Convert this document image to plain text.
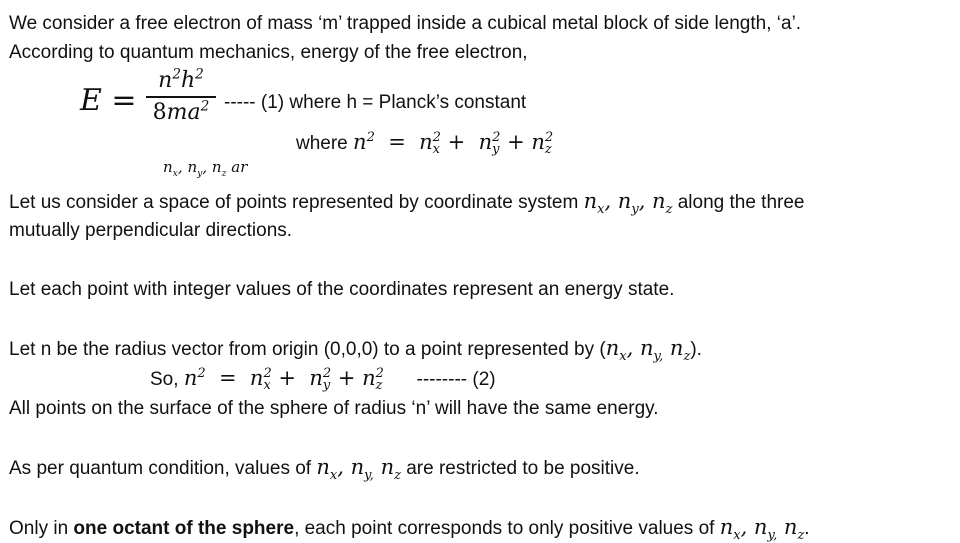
We consider a free electron of mass ‘m’ trapped inside a cubical metal block of side length, ‘a’.
According to quantum mechanics, energy of the free electron,
E =
$n^2h^2$
$8ma^2$ ----- (1) where h = Planck’s constant
where $n^2 = n$ 2
x +  n 2
y + n 2
z
$n_x$, $n_y$, $n_z$ ar
Let us consider a space of points represented by coordinate system $n_x$, $n_y$, $n_z$ along the three
mutually perpendicular directions.
Let each point with integer values of the coordinates represent an energy state.
Let n be the radius vector from origin (0,0,0) to a point represented by ($n_x$, $n_{y,}$ $n_z$).
So, $n^2 = n$ 2
x +  n 2
y + n 2
z -------- (2)
All points on the surface of the sphere of radius ‘n’ will have the same energy.
As per quantum condition, values of $n_x$, $n_{y,}$ $n_z$ are restricted to be positive.
Only in one octant of the sphere, each point corresponds to only positive values of $n_x$, $n_{y,}$ $n_z$.
